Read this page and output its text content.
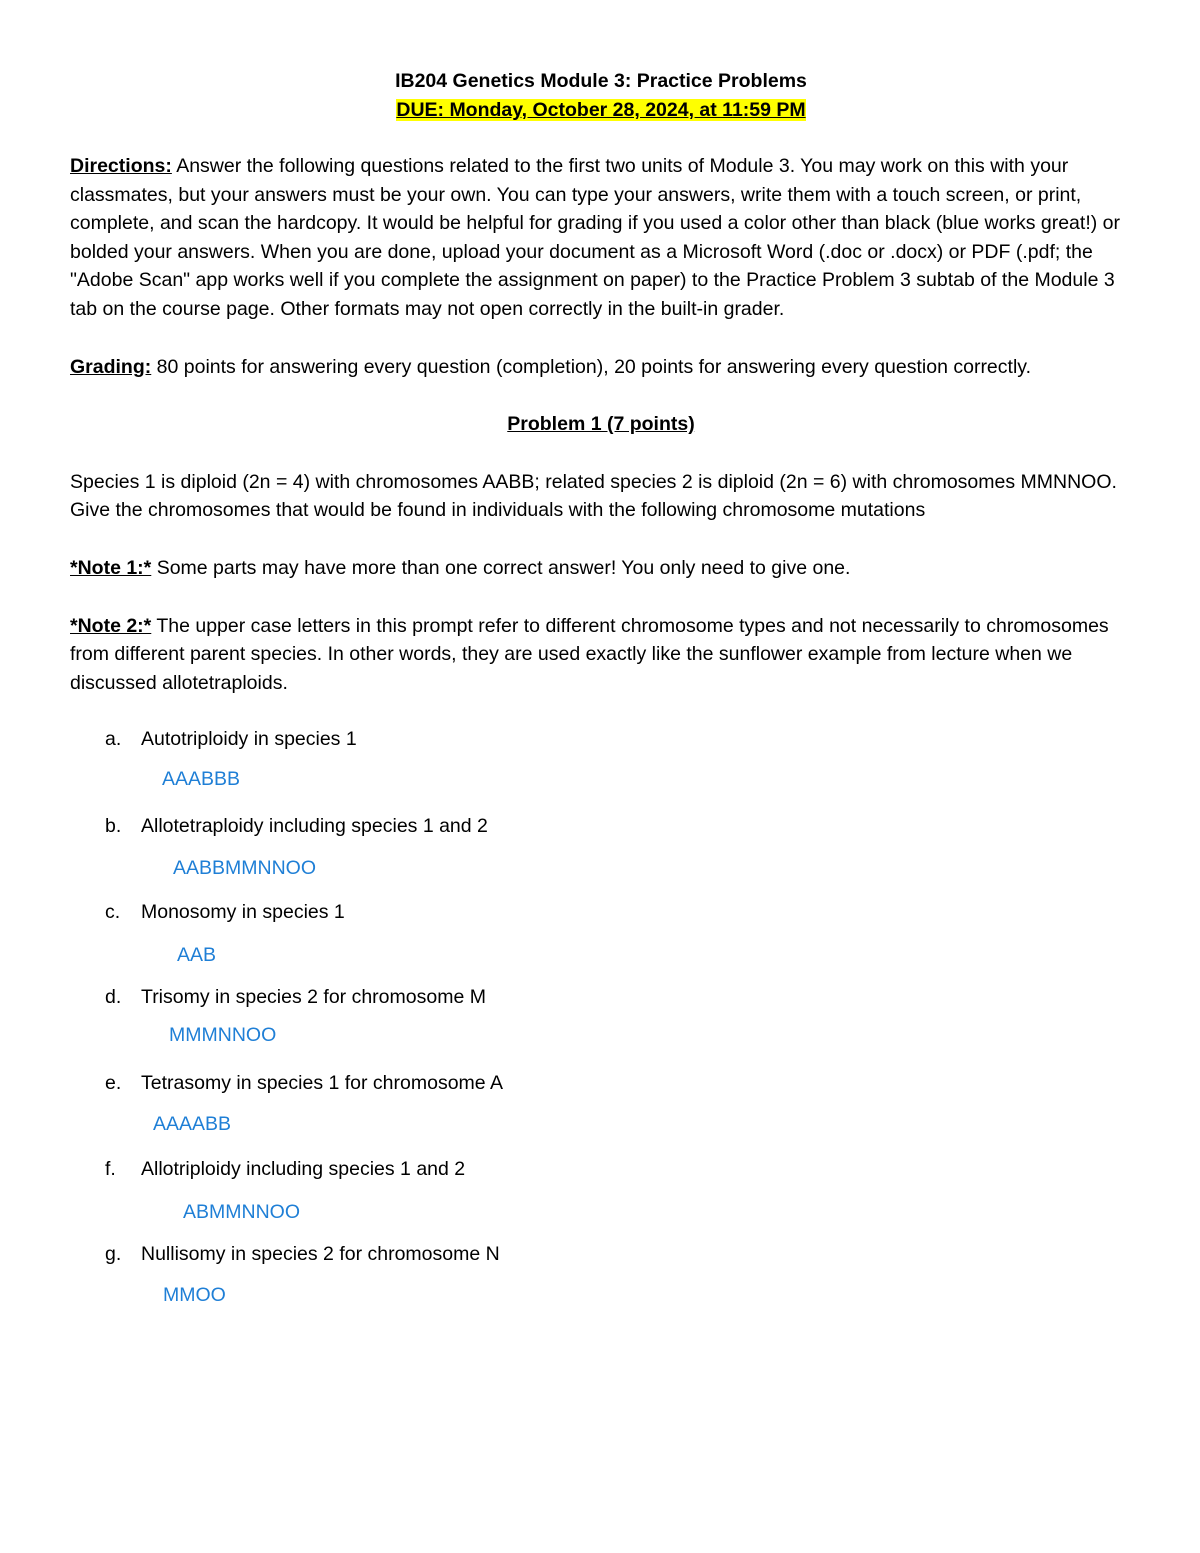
IB204 Genetics Module 3: Practice Problems

DUE: Monday, October 28, 2024, at 11:59 PM

Directions: Answer the following questions related to the first two units of Module 3. You may work on this with your classmates, but your answers must be your own. You can type your answers, write them with a touch screen, or print, complete, and scan the hardcopy. It would be helpful for grading if you used a color other than black (blue works great!) or bolded your answers. When you are done, upload your document as a Microsoft Word (.doc or .docx) or PDF (.pdf; the "Adobe Scan" app works well if you complete the assignment on paper) to the Practice Problem 3 subtab of the Module 3 tab on the course page. Other formats may not open correctly in the built-in grader.

Grading: 80 points for answering every question (completion), 20 points for answering every question correctly.

Problem 1 (7 points)

Species 1 is diploid (2n = 4) with chromosomes AABB; related species 2 is diploid (2n = 6) with chromosomes MMNNOO. Give the chromosomes that would be found in individuals with the following chromosome mutations

*Note 1:* Some parts may have more than one correct answer! You only need to give one.

*Note 2:* The upper case letters in this prompt refer to different chromosome types and not necessarily to chromosomes from different parent species. In other words, they are used exactly like the sunflower example from lecture when we discussed allotetraploids.

a. Autotriploidy in species 1
AAABBB
b. Allotetraploidy including species 1 and 2
AABBMMNNOO
c. Monosomy in species 1
AAB
d. Trisomy in species 2 for chromosome M
MMMNNOO
e. Tetrasomy in species 1 for chromosome A
AAAABB
f. Allotriploidy including species 1 and 2
ABMMNNOO
g. Nullisomy in species 2 for chromosome N
MMOO
